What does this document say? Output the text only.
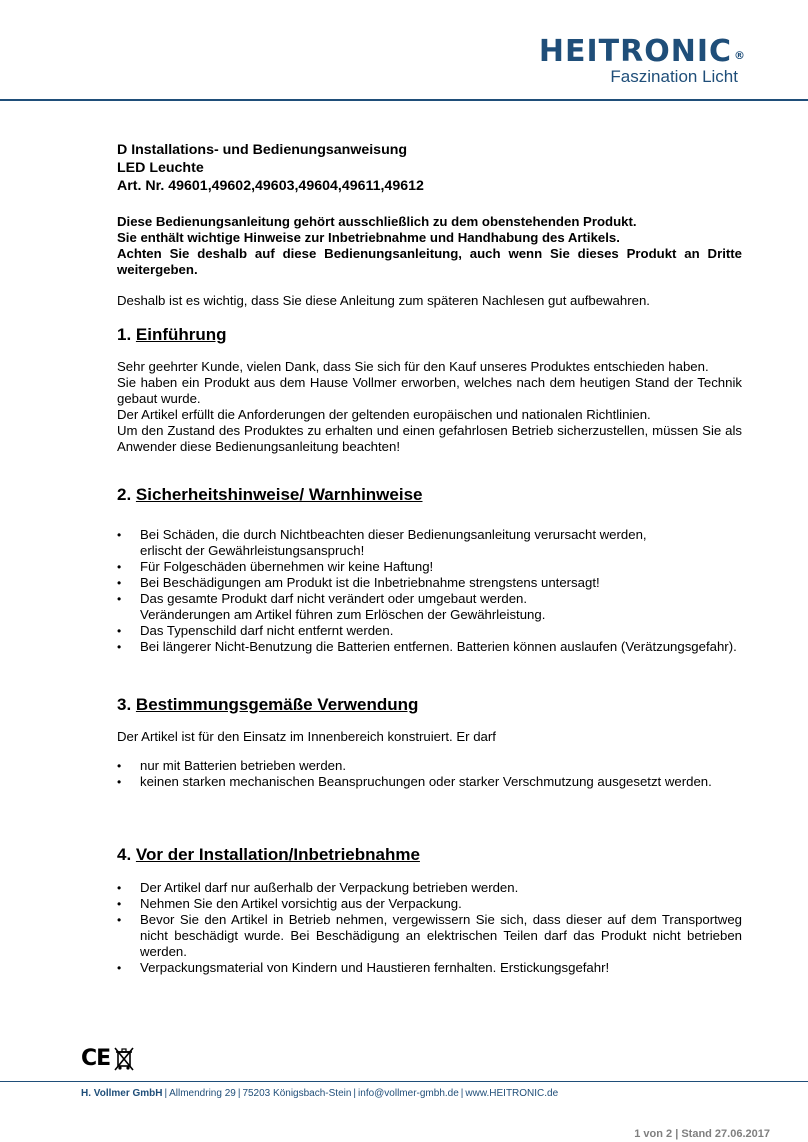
HEITRONIC ®
Faszination Licht
D Installations- und Bedienungsanweisung
LED Leuchte
Art. Nr. 49601,49602,49603,49604,49611,49612

Diese Bedienungsanleitung gehört ausschließlich zu dem obenstehenden Produkt.

Sie enthält wichtige Hinweise zur Inbetriebnahme und Handhabung des Artikels.

Achten Sie deshalb auf diese Bedienungsanleitung, auch wenn Sie dieses Produkt an Dritte weitergeben.

Deshalb ist es wichtig, dass Sie diese Anleitung zum späteren Nachlesen gut aufbewahren.

1. Einführung

Sehr geehrter Kunde, vielen Dank, dass Sie sich für den Kauf unseres Produktes entschieden haben.

Sie haben ein Produkt aus dem Hause Vollmer erworben, welches nach dem heutigen Stand der Technik gebaut wurde.

Der Artikel erfüllt die Anforderungen der geltenden europäischen und nationalen Richtlinien.

Um den Zustand des Produktes zu erhalten und einen gefahrlosen Betrieb sicherzustellen, müssen Sie als Anwender diese Bedienungsanleitung beachten!

2. Sicherheitshinweise/ Warnhinweise
• Bei Schäden, die durch Nichtbeachten dieser Bedienungsanleitung verursacht werden,
erlischt der Gewährleistungsanspruch!
• Für Folgeschäden übernehmen wir keine Haftung!
• Bei Beschädigungen am Produkt ist die Inbetriebnahme strengstens untersagt!
• Das gesamte Produkt darf nicht verändert oder umgebaut werden.
Veränderungen am Artikel führen zum Erlöschen der Gewährleistung.
• Das Typenschild darf nicht entfernt werden.
• Bei längerer Nicht-Benutzung die Batterien entfernen. Batterien können auslaufen (Verätzungsgefahr).
3. Bestimmungsgemäße Verwendung

Der Artikel ist für den Einsatz im Innenbereich konstruiert. Er darf

• nur mit Batterien betrieben werden.
• keinen starken mechanischen Beanspruchungen oder starker Verschmutzung ausgesetzt werden.
4. Vor der Installation/Inbetriebnahme
• Der Artikel darf nur außerhalb der Verpackung betrieben werden.
• Nehmen Sie den Artikel vorsichtig aus der Verpackung.
• Bevor Sie den Artikel in Betrieb nehmen, vergewissern Sie sich, dass dieser auf dem Transportweg nicht beschädigt wurde. Bei Beschädigung an elektrischen Teilen darf das Produkt nicht betrieben werden.
• Verpackungsmaterial von Kindern und Haustieren fernhalten. Erstickungsgefahr!
CE
H. Vollmer GmbH | Allmendring 29 | 75203 Königsbach-Stein | info@vollmer-gmbh.de | www.HEITRONIC.de
1 von 2 | Stand 27.06.2017
